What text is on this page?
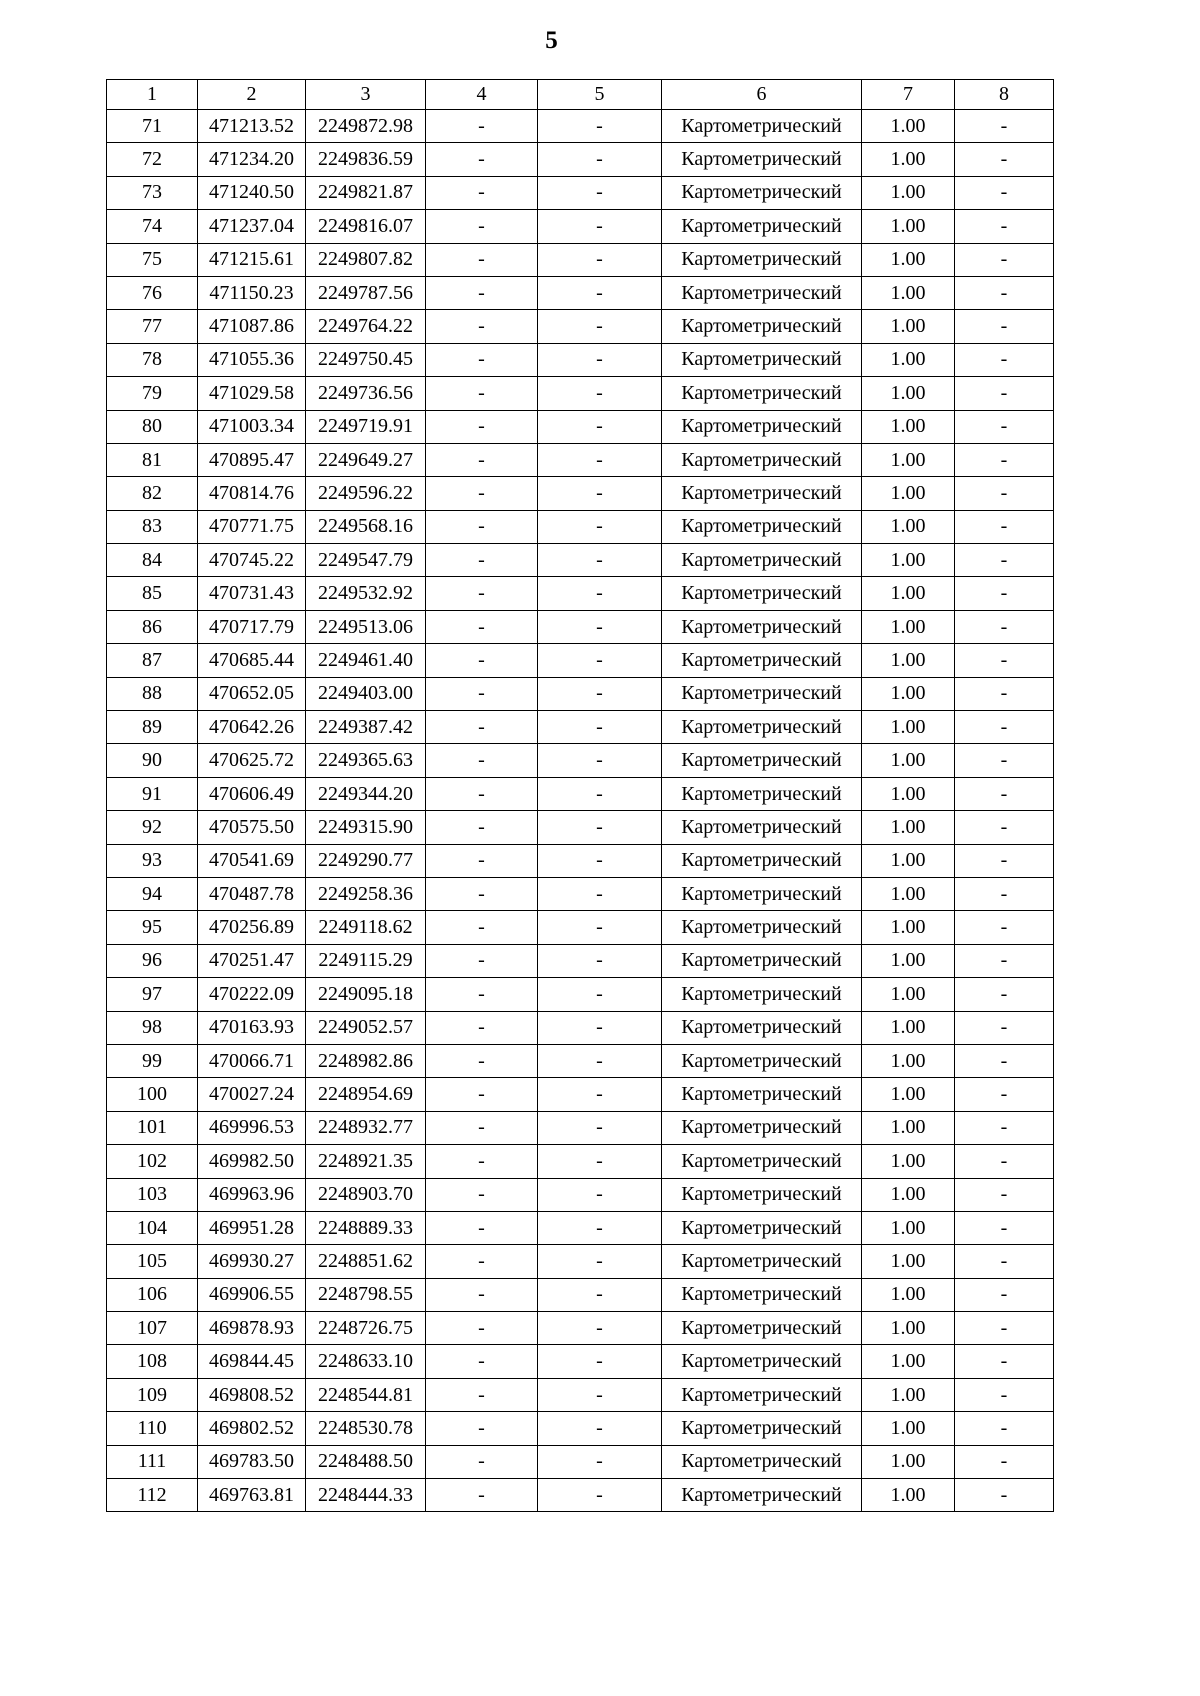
5
1	2	3	4	5	6	7	8
71	471213.52	2249872.98	-	-	Картометрический	1.00	-
72	471234.20	2249836.59	-	-	Картометрический	1.00	-
73	471240.50	2249821.87	-	-	Картометрический	1.00	-
74	471237.04	2249816.07	-	-	Картометрический	1.00	-
75	471215.61	2249807.82	-	-	Картометрический	1.00	-
76	471150.23	2249787.56	-	-	Картометрический	1.00	-
77	471087.86	2249764.22	-	-	Картометрический	1.00	-
78	471055.36	2249750.45	-	-	Картометрический	1.00	-
79	471029.58	2249736.56	-	-	Картометрический	1.00	-
80	471003.34	2249719.91	-	-	Картометрический	1.00	-
81	470895.47	2249649.27	-	-	Картометрический	1.00	-
82	470814.76	2249596.22	-	-	Картометрический	1.00	-
83	470771.75	2249568.16	-	-	Картометрический	1.00	-
84	470745.22	2249547.79	-	-	Картометрический	1.00	-
85	470731.43	2249532.92	-	-	Картометрический	1.00	-
86	470717.79	2249513.06	-	-	Картометрический	1.00	-
87	470685.44	2249461.40	-	-	Картометрический	1.00	-
88	470652.05	2249403.00	-	-	Картометрический	1.00	-
89	470642.26	2249387.42	-	-	Картометрический	1.00	-
90	470625.72	2249365.63	-	-	Картометрический	1.00	-
91	470606.49	2249344.20	-	-	Картометрический	1.00	-
92	470575.50	2249315.90	-	-	Картометрический	1.00	-
93	470541.69	2249290.77	-	-	Картометрический	1.00	-
94	470487.78	2249258.36	-	-	Картометрический	1.00	-
95	470256.89	2249118.62	-	-	Картометрический	1.00	-
96	470251.47	2249115.29	-	-	Картометрический	1.00	-
97	470222.09	2249095.18	-	-	Картометрический	1.00	-
98	470163.93	2249052.57	-	-	Картометрический	1.00	-
99	470066.71	2248982.86	-	-	Картометрический	1.00	-
100	470027.24	2248954.69	-	-	Картометрический	1.00	-
101	469996.53	2248932.77	-	-	Картометрический	1.00	-
102	469982.50	2248921.35	-	-	Картометрический	1.00	-
103	469963.96	2248903.70	-	-	Картометрический	1.00	-
104	469951.28	2248889.33	-	-	Картометрический	1.00	-
105	469930.27	2248851.62	-	-	Картометрический	1.00	-
106	469906.55	2248798.55	-	-	Картометрический	1.00	-
107	469878.93	2248726.75	-	-	Картометрический	1.00	-
108	469844.45	2248633.10	-	-	Картометрический	1.00	-
109	469808.52	2248544.81	-	-	Картометрический	1.00	-
110	469802.52	2248530.78	-	-	Картометрический	1.00	-
111	469783.50	2248488.50	-	-	Картометрический	1.00	-
112	469763.81	2248444.33	-	-	Картометрический	1.00	-
